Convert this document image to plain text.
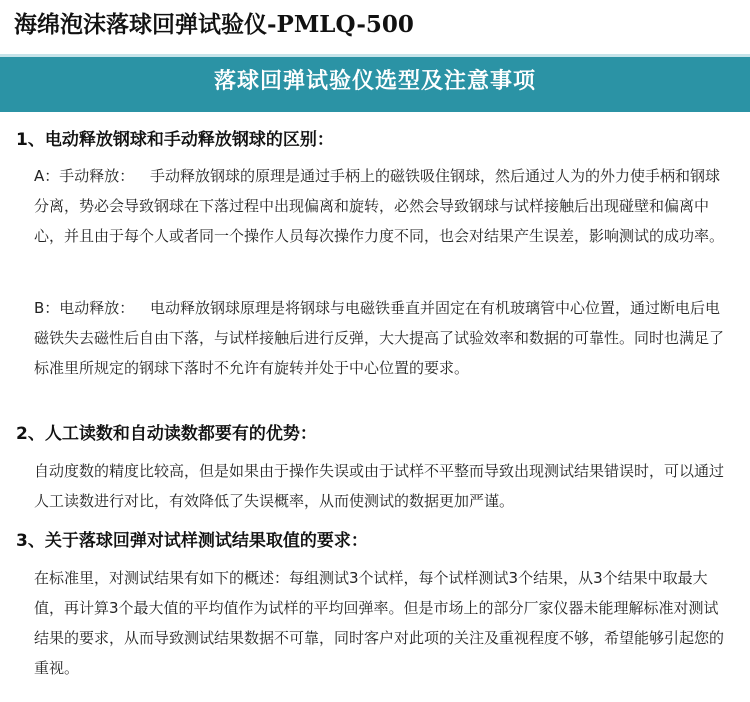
海绵泡沫落球回弹试验仪-PMLQ-500
落球回弹试验仪选型及注意事项
1、电动释放钢球和手动释放钢球的区别：
A：手动释放：	手动释放钢球的原理是通过手柄上的磁铁吸住钢球，然后通过人为的外力使手柄和钢球分离，势必会导致钢球在下落过程中出现偏离和旋转，必然会导致钢球与试样接触后出现碰壁和偏离中心，并且由于每个人或者同一个操作人员每次操作力度不同，也会对结果产生误差，影响测试的成功率。
B：电动释放：	电动释放钢球原理是将钢球与电磁铁垂直并固定在有机玻璃管中心位置，通过断电后电磁铁失去磁性后自由下落，与试样接触后进行反弹，大大提高了试验效率和数据的可靠性。同时也满足了标准里所规定的钢球下落时不允许有旋转并处于中心位置的要求。
2、人工读数和自动读数都要有的优势：
自动度数的精度比较高，但是如果由于操作失误或由于试样不平整而导致出现测试结果错误时，可以通过人工读数进行对比，有效降低了失误概率，从而使测试的数据更加严谨。
3、关于落球回弹对试样测试结果取值的要求：
在标准里，对测试结果有如下的概述：每组测试3个试样，每个试样测试3个结果，从3个结果中取最大值，再计算3个最大值的平均值作为试样的平均回弹率。但是市场上的部分厂家仪器未能理解标准对测试结果的要求，从而导致测试结果数据不可靠，同时客户对此项的关注及重视程度不够，希望能够引起您的重视。
